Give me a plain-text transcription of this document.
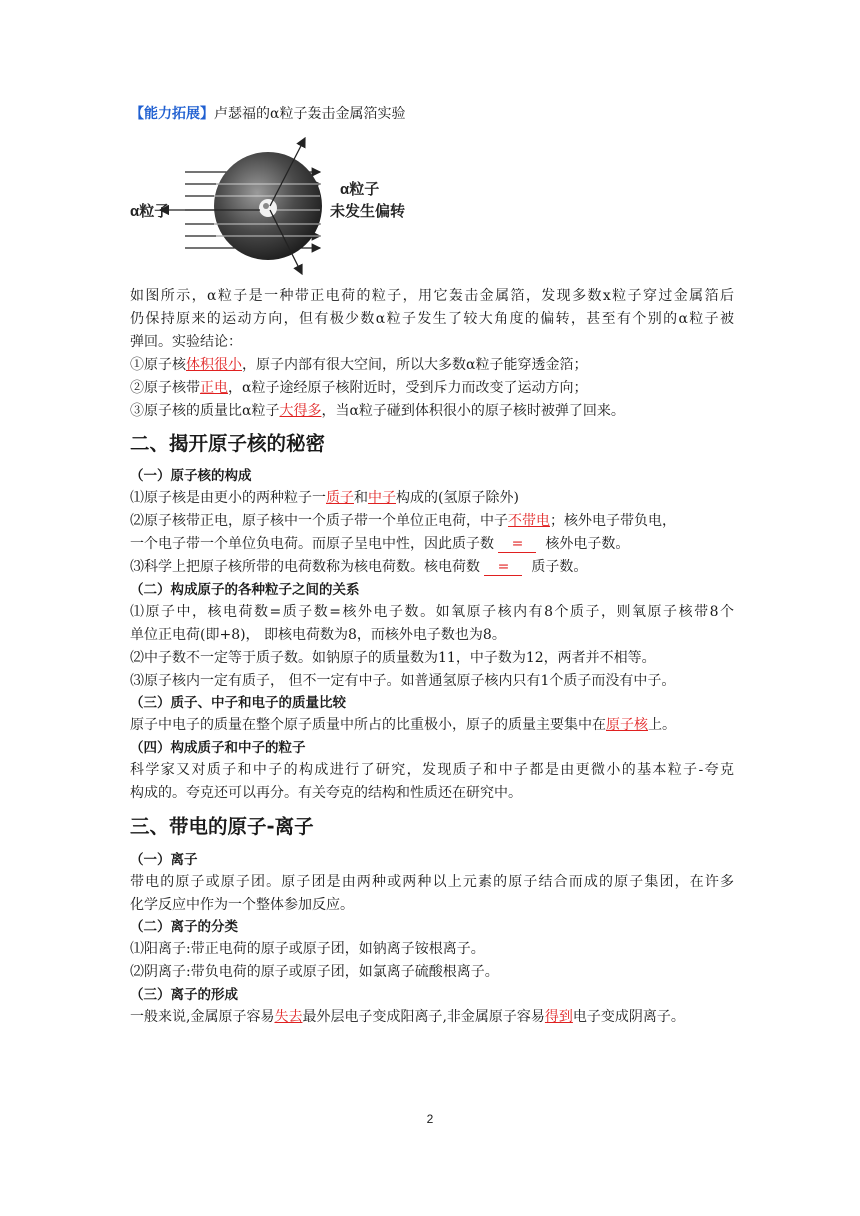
【能力拓展】卢瑟福的α粒子轰击金属箔实验
α粒子
α粒子
未发生偏转
如图所示，α粒子是一种带正电荷的粒子，用它轰击金属箔，发现多数x粒子穿过金属箔后
仍保持原来的运动方向，但有极少数α粒子发生了较大角度的偏转，甚至有个别的α粒子被
弹回。实验结论：
①原子核体积很小，原子内部有很大空间，所以大多数α粒子能穿透金箔；
②原子核带正电，α粒子途经原子核附近时，受到斥力而改变了运动方向；
③原子核的质量比α粒子大得多，当α粒子碰到体积很小的原子核时被弹了回来。
二、揭开原子核的秘密
（一）原子核的构成
⑴原子核是由更小的两种粒子一质子和中子构成的(氢原子除外)
⑵原子核带正电，原子核中一个质子带一个单位正电荷，中子不带电；核外电子带负电，
一个电子带一个单位负电荷。而原子呈电中性，因此质子数 = 核外电子数。
⑶科学上把原子核所带的电荷数称为核电荷数。核电荷数 = 质子数。
（二）构成原子的各种粒子之间的关系
⑴原子中，核电荷数=质子数=核外电子数。如氧原子核内有8个质子，则氧原子核带8个
单位正电荷(即+8)， 即核电荷数为8，而核外电子数也为8。
⑵中子数不一定等于质子数。如钠原子的质量数为11，中子数为12，两者并不相等。
⑶原子核内一定有质子， 但不一定有中子。如普通氢原子核内只有1个质子而没有中子。
（三）质子、中子和电子的质量比较
原子中电子的质量在整个原子质量中所占的比重极小，原子的质量主要集中在原子核上。
（四）构成质子和中子的粒子
科学家又对质子和中子的构成进行了研究，发现质子和中子都是由更微小的基本粒子-夸克
构成的。夸克还可以再分。有关夸克的结构和性质还在研究中。
三、带电的原子-离子
（一）离子
带电的原子或原子团。原子团是由两种或两种以上元素的原子结合而成的原子集团，在许多
化学反应中作为一个整体参加反应。
（二）离子的分类
⑴阳离子:带正电荷的原子或原子团，如钠离子铵根离子。
⑵阴离子:带负电荷的原子或原子团，如氯离子硫酸根离子。
（三）离子的形成
一般来说,金属原子容易失去最外层电子变成阳离子,非金属原子容易得到电子变成阴离子。
2
